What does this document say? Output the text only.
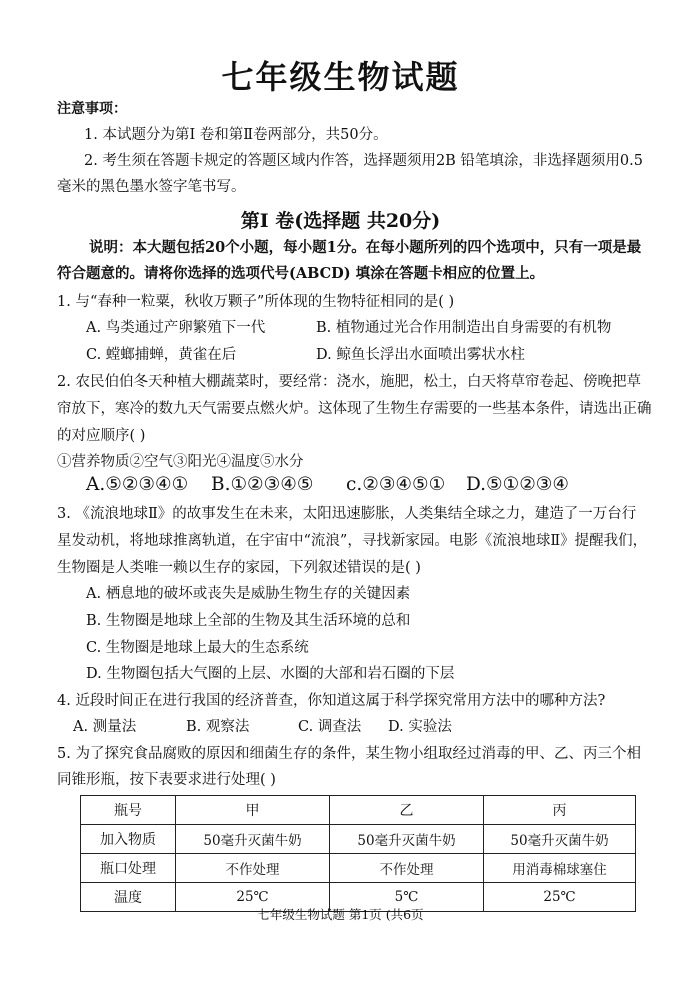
七年级生物试题
注意事项：
1. 本试题分为第Ⅰ 卷和第Ⅱ卷两部分，共50分。
2. 考生须在答题卡规定的答题区域内作答，选择题须用2B 铅笔填涂，非选择题须用0.5
毫米的黑色墨水签字笔书写。
第Ⅰ 卷(选择题 共20分)
说明：本大题包括20个小题，每小题1分。在每小题所列的四个选项中，只有一项是最
符合题意的。请将你选择的选项代号(ABCD) 填涂在答题卡相应的位置上。
1. 与“春种一粒粟，秋收万颗子”所体现的生物特征相同的是( )
A. 鸟类通过产卵繁殖下一代	B. 植物通过光合作用制造出自身需要的有机物
C. 螳螂捕蝉，黄雀在后	D. 鲸鱼长浮出水面喷出雾状水柱
2. 农民伯伯冬天种植大棚蔬菜时，要经常：浇水，施肥，松土，白天将草帘卷起、傍晚把草
帘放下，寒冷的数九天气需要点燃火炉。这体现了生物生存需要的一些基本条件，请选出正确
的对应顺序( )
①营养物质②空气③阳光④温度⑤水分
A.⑤②③④① B.①②③④⑤ c.②③④⑤① D.⑤①②③④
3. 《流浪地球Ⅱ》的故事发生在未来，太阳迅速膨胀，人类集结全球之力，建造了一万台行
星发动机，将地球推离轨道，在宇宙中“流浪”，寻找新家园。电影《流浪地球Ⅱ》提醒我们，
生物圈是人类唯一赖以生存的家园，下列叙述错误的是( )
A. 栖息地的破坏或丧失是威胁生物生存的关键因素
B. 生物圈是地球上全部的生物及其生活环境的总和
C. 生物圈是地球上最大的生态系统
D. 生物圈包括大气圈的上层、水圈的大部和岩石圈的下层
4. 近段时间正在进行我国的经济普查，你知道这属于科学探究常用方法中的哪种方法?
A. 测量法	B. 观察法	C. 调查法 D. 实验法
5. 为了探究食品腐败的原因和细菌生存的条件，某生物小组取经过消毒的甲、乙、丙三个相
同锥形瓶，按下表要求进行处理( )
瓶号	甲	乙	丙
加入物质	50毫升灭菌牛奶	50毫升灭菌牛奶	50毫升灭菌牛奶
瓶口处理	不作处理	不作处理	用消毒棉球塞住
温度	25℃	5℃	25℃
七年级生物试题 第1页 (共6页
